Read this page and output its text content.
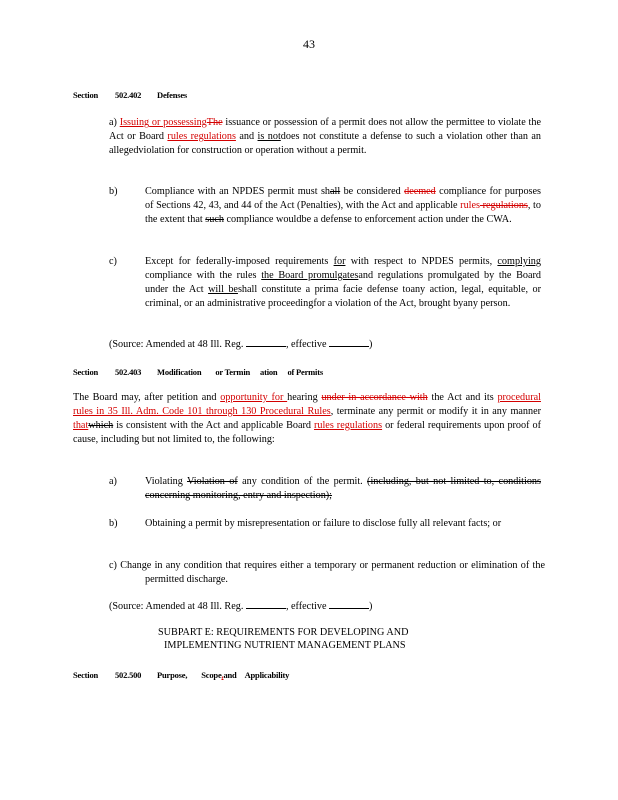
43
Section 502.402 Defenses
a) Issuing or possessingThe issuance or possession of a permit does not allow the permittee to violate the Act or Board rules regulations and is notdoes not constitute a defense to such a violation other than an allegedviolation for construction or operation without a permit.
b)	Compliance with an NPDES permit must shall be considered deemed compliance for purposes of Sections 42, 43, and 44 of the Act (Penalties), with the Act and applicable rules regulations, to the extent that such compliance wouldbe a defense to enforcement action under the CWA.
c)	Except for federally-imposed requirements for with respect to NPDES permits, complying compliance with the rules the Board promulgatesand regulations promulgated by the Board under the Act will beshall constitute a prima facie defense toany action, legal, equitable, or criminal, or an administrative proceedingfor a violation of the Act, brought byany person.
(Source: Amended at 48 Ill. Reg.	, effective	)
Section 502.403 Modification or Termin ation of Permits
The Board may, after petition and opportunity for hearing under in accordance with the Act and its procedural rules in 35 Ill. Adm. Code 101 through 130 Procedural Rules, terminate any permit or modify it in any manner thatwhich is consistent with the Act and applicable Board rules regulations or federal requirements upon proof of cause, including but not limited to, the following:
a)	Violating Violation of any condition of the permit. (including, but not limited to, conditions concerning monitoring, entry and inspection);
b)	Obtaining a permit by misrepresentation or failure to disclose fully all relevant facts; or
c) Change in any condition that requires either a temporary or permanent reduction or elimination of the permitted discharge.
(Source: Amended at 48 Ill. Reg.	, effective	)
SUBPART E: REQUIREMENTS FOR DEVELOPING AND
IMPLEMENTING NUTRIENT MANAGEMENT PLANS
Section 502.500 Purpose, Scope,and Applicability
